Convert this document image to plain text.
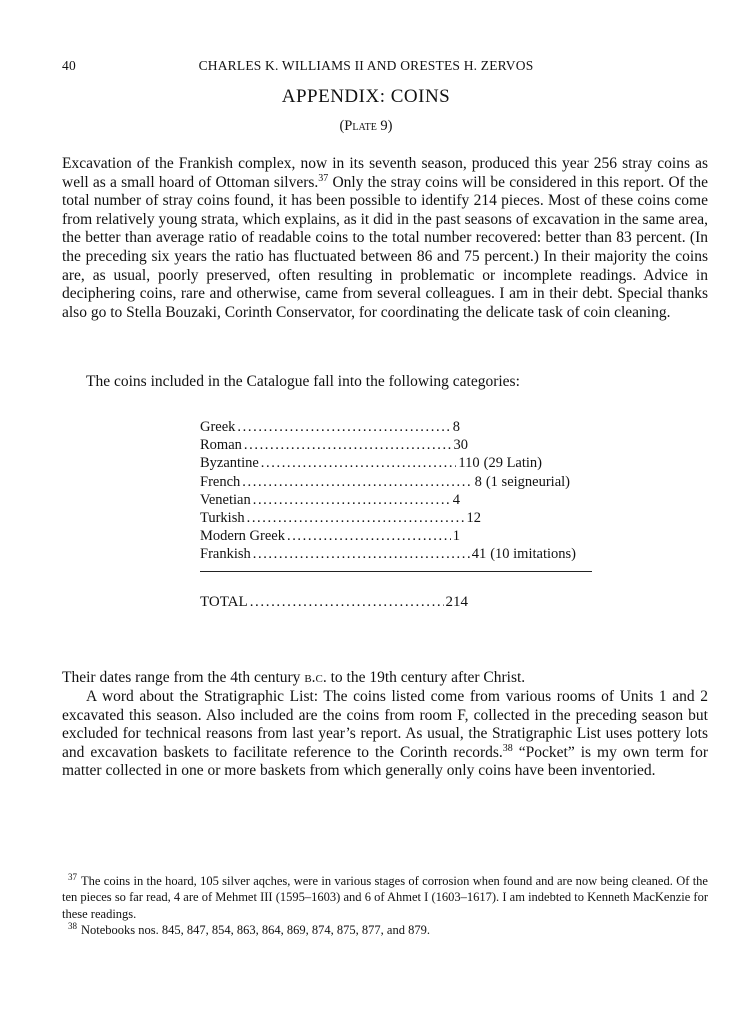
40	CHARLES K. WILLIAMS II AND ORESTES H. ZERVOS
APPENDIX: COINS
(Plate 9)
Excavation of the Frankish complex, now in its seventh season, produced this year 256 stray coins as well as a small hoard of Ottoman silvers.$^{37}$ Only the stray coins will be considered in this report. Of the total number of stray coins found, it has been possible to identify 214 pieces. Most of these coins come from relatively young strata, which explains, as it did in the past seasons of excavation in the same area, the better than average ratio of readable coins to the total number recovered: better than 83 percent. (In the preceding six years the ratio has fluctuated between 86 and 75 percent.) In their majority the coins are, as usual, poorly preserved, often resulting in problematic or incomplete readings. Advice in deciphering coins, rare and otherwise, came from several colleagues. I am in their debt. Special thanks also go to Stella Bouzaki, Corinth Conservator, for coordinating the delicate task of coin cleaning.
The coins included in the Catalogue fall into the following categories:
Greek .....	8
Roman .....	30
Byzantine .....	110 (29 Latin)
French .....	8 (1 seigneurial)
Venetian .....	4
Turkish .....	12
Modern Greek .....	1
Frankish .....	41 (10 imitations)
TOTAL .....	214
Their dates range from the 4th century b.c. to the 19th century after Christ.
A word about the Stratigraphic List: The coins listed come from various rooms of Units 1 and 2 excavated this season. Also included are the coins from room F, collected in the preceding season but excluded for technical reasons from last year’s report. As usual, the Stratigraphic List uses pottery lots and excavation baskets to facilitate reference to the Corinth records.$^{38}$ “Pocket” is my own term for matter collected in one or more baskets from which generally only coins have been inventoried.
$^{37}$ The coins in the hoard, 105 silver aqches, were in various stages of corrosion when found and are now being cleaned. Of the ten pieces so far read, 4 are of Mehmet III (1595–1603) and 6 of Ahmet I (1603–1617). I am indebted to Kenneth MacKenzie for these readings.
$^{38}$ Notebooks nos. 845, 847, 854, 863, 864, 869, 874, 875, 877, and 879.
